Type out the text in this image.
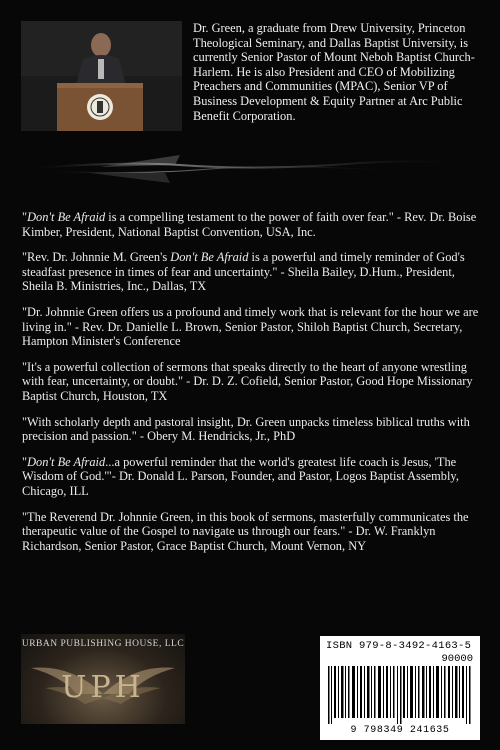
Dr. Green, a graduate from Drew University, Princeton Theological Seminary, and Dallas Baptist University, is currently Senior Pastor of Mount Neboh Baptist Church-Harlem. He is also President and CEO of Mobilizing Preachers and Communities (MPAC), Senior VP of Business Development & Equity Partner at Arc Public Benefit Corporation.

"Don't Be Afraid is a compelling testament to the power of faith over fear." - Rev. Dr. Boise Kimber, President, National Baptist Convention, USA, Inc.

"Rev. Dr. Johnnie M. Green's Don't Be Afraid is a powerful and timely reminder of God's steadfast presence in times of fear and uncertainty." - Sheila Bailey, D.Hum., President, Sheila B. Ministries, Inc., Dallas, TX

"Dr. Johnnie Green offers us a profound and timely work that is relevant for the hour we are living in." - Rev. Dr. Danielle L. Brown, Senior Pastor, Shiloh Baptist Church, Secretary, Hampton Minister's Conference

"It's a powerful collection of sermons that speaks directly to the heart of anyone wrestling with fear, uncertainty, or doubt." - Dr. D. Z. Cofield, Senior Pastor, Good Hope Missionary Baptist Church, Houston, TX

"With scholarly depth and pastoral insight, Dr. Green unpacks timeless biblical truths with precision and passion." - Obery M. Hendricks, Jr., PhD

"Don't Be Afraid...a powerful reminder that the world's greatest life coach is Jesus, 'The Wisdom of God.'"- Dr. Donald L. Parson, Founder, and Pastor, Logos Baptist Assembly, Chicago, ILL

"The Reverend Dr. Johnnie Green, in this book of sermons, masterfully communicates the therapeutic value of the Gospel to navigate us through our fears." - Dr. W. Franklyn Richardson, Senior Pastor, Grace Baptist Church, Mount Vernon, NY

URBAN PUBLISHING HOUSE, LLC
UPH
ISBN 979-8-3492-4163-5
90000
9 798349 241635
